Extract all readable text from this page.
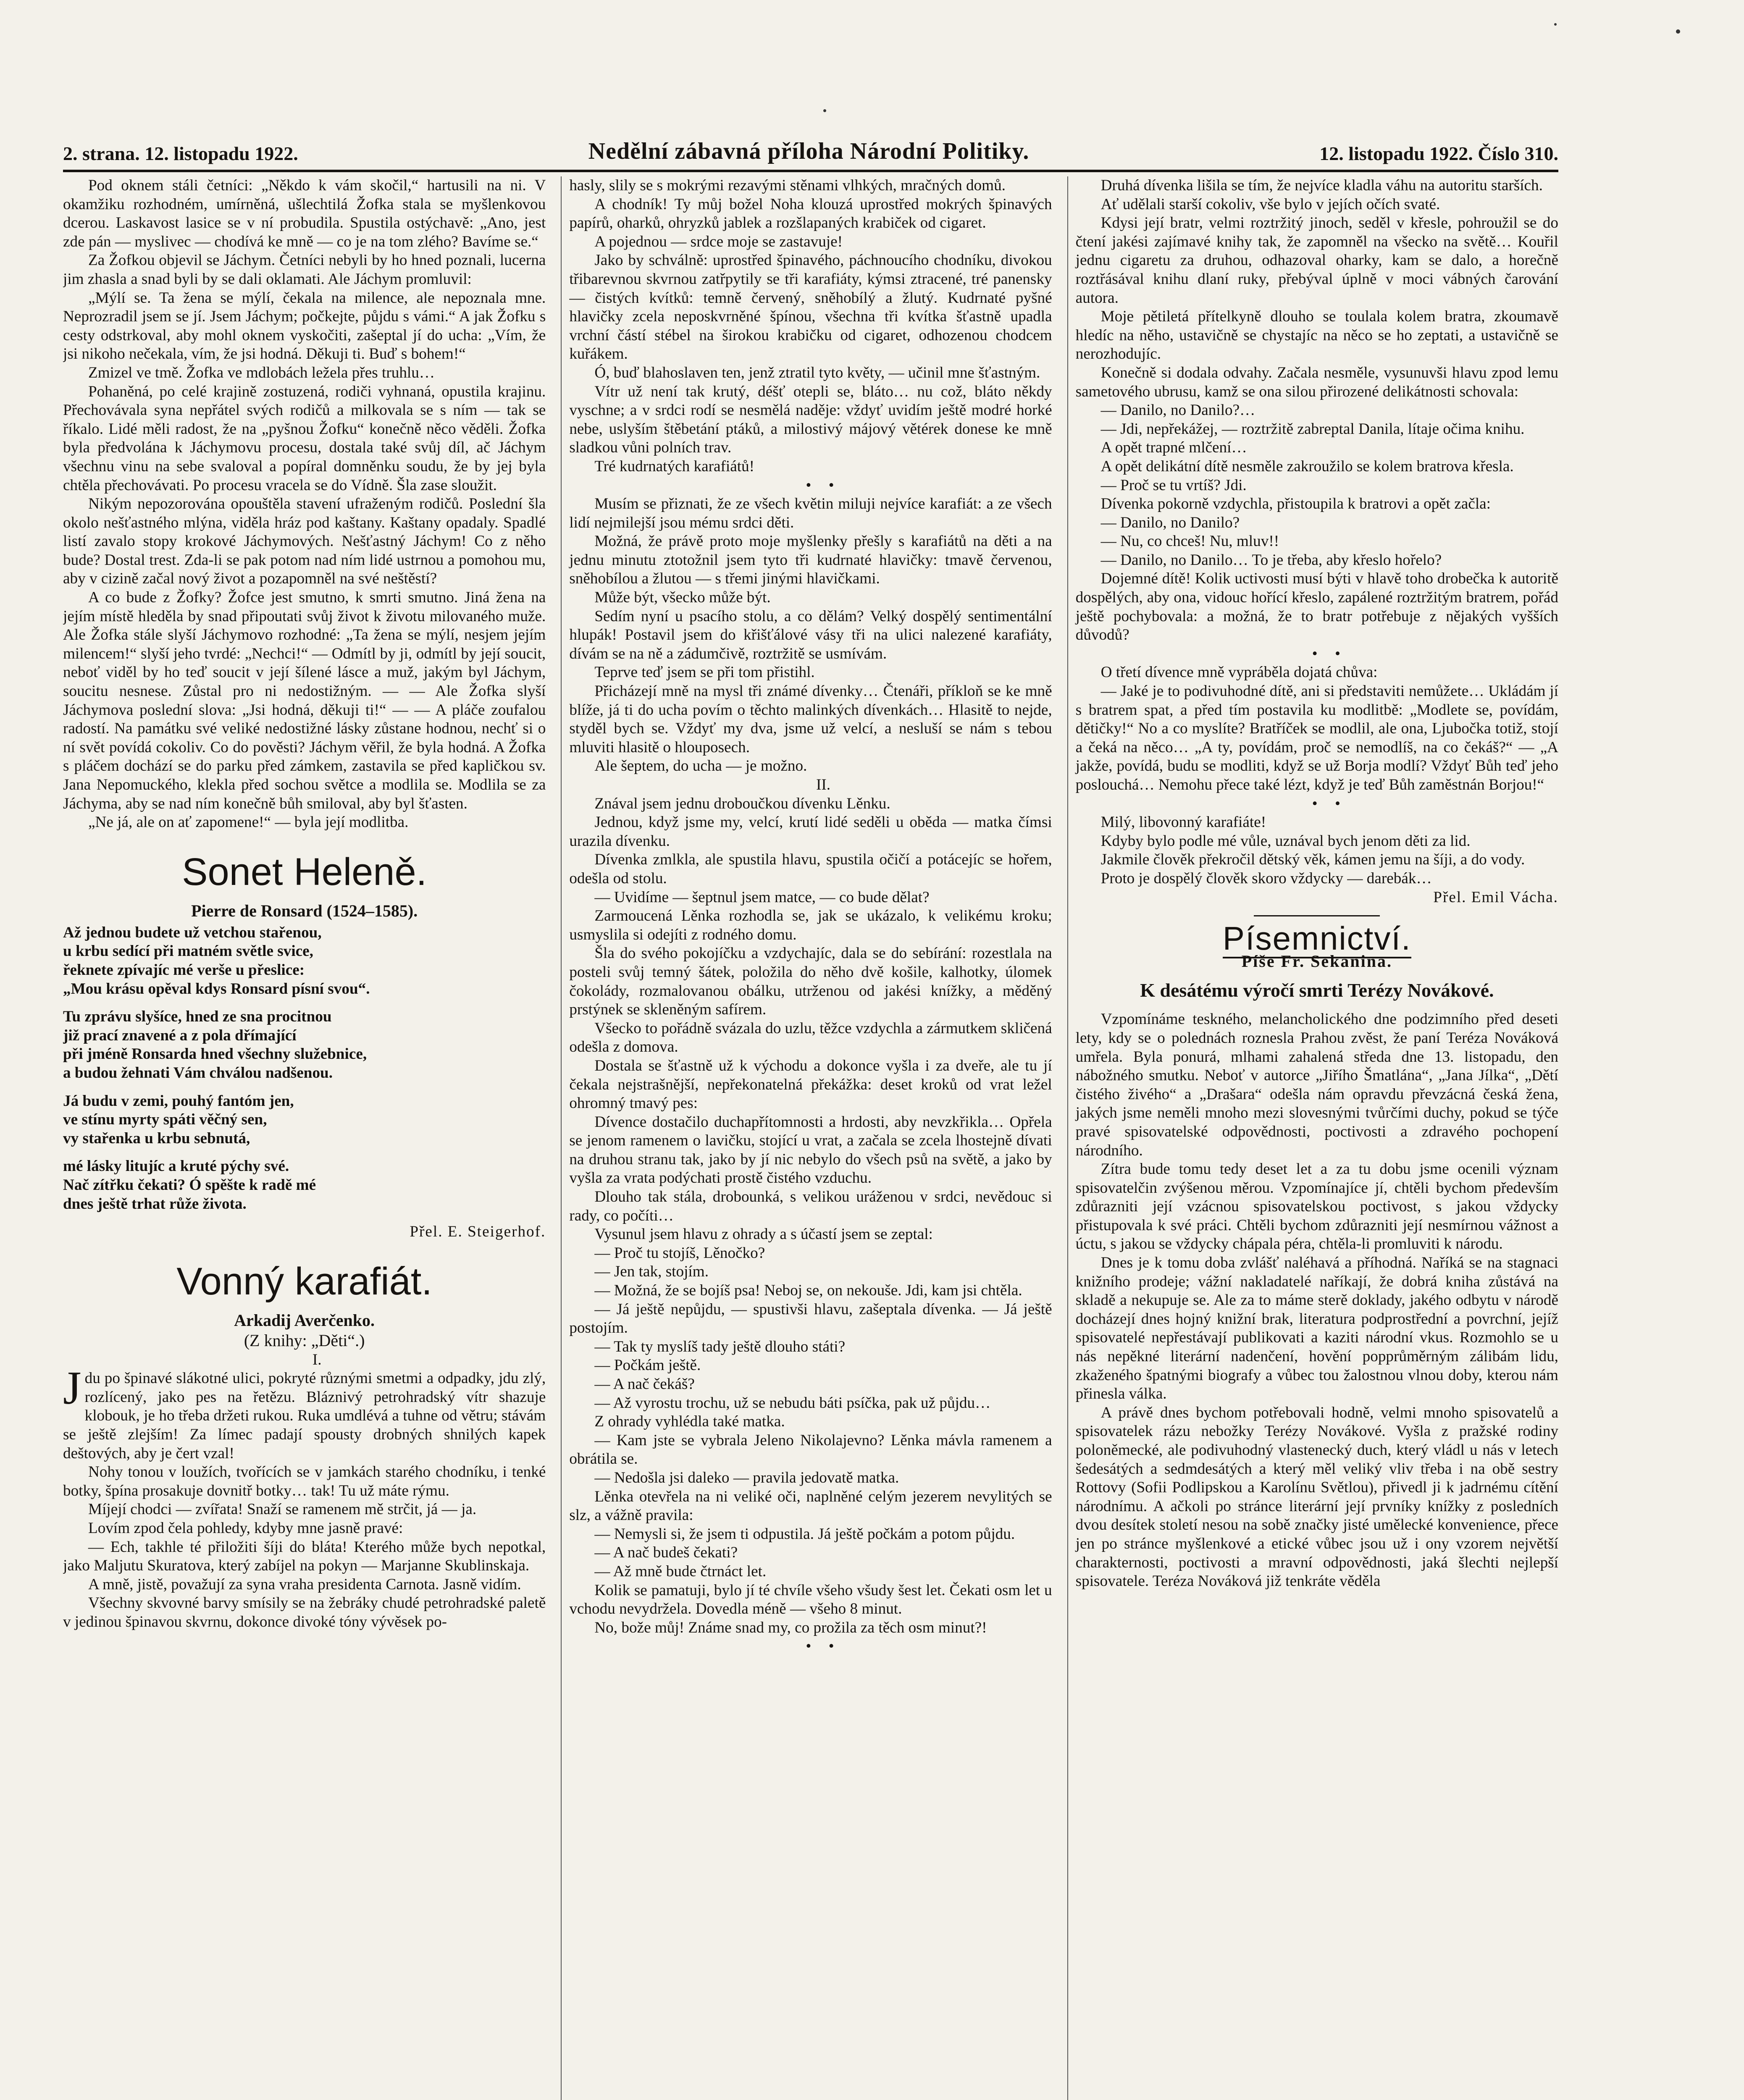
2. strana. 12. listopadu 1922.	Nedělní zábavná příloha Národní Politiky.	12. listopadu 1922. Číslo 310.

Pod oknem stáli četníci: „Někdo k vám skočil,“ hartusili na ni. V okamžiku rozhodném, umírněná, ušlechtilá Žofka stala se myšlenkovou dcerou. Laskavost lasice se v ní probudila. Spustila ostýchavě: „Ano, jest zde pán — myslivec — chodívá ke mně — co je na tom zlého? Bavíme se.“

Za Žofkou objevil se Jáchym. Četníci nebyli by ho hned poznali, lucerna jim zhasla a snad byli by se dali oklamati. Ale Jáchym promluvil:

„Mýlí se. Ta žena se mýlí, čekala na milence, ale nepoznala mne. Neprozradil jsem se jí. Jsem Jáchym; počkejte, půjdu s vámi.“ A jak Žofku s cesty odstrkoval, aby mohl oknem vyskočiti, zašeptal jí do ucha: „Vím, že jsi nikoho nečekala, vím, že jsi hodná. Děkuji ti. Buď s bohem!“

Zmizel ve tmě. Žofka ve mdlobách ležela přes truhlu…

Pohaněná, po celé krajině zostuzená, rodiči vyhnaná, opustila krajinu. Přechovávala syna nepřátel svých rodičů a milkovala se s ním — tak se říkalo. Lidé měli radost, že na „pyšnou Žofku“ konečně něco věděli. Žofka byla předvolána k Jáchymovu procesu, dostala také svůj díl, ač Jáchym všechnu vinu na sebe svaloval a popíral domněnku soudu, že by jej byla chtěla přechovávati. Po procesu vracela se do Vídně. Šla zase sloužit.

Nikým nepozorována opouštěla stavení ufraženým rodičů. Poslední šla okolo nešťastného mlýna, viděla hráz pod kaštany. Kaštany opadaly. Spadlé listí zavalo stopy krokové Jáchymových. Nešťastný Jáchym! Co z něho bude? Dostal trest. Zda-li se pak potom nad ním lidé ustrnou a pomohou mu, aby v cizině začal nový život a pozapomněl na své neštěstí?

A co bude z Žofky? Žofce jest smutno, k smrti smutno. Jiná žena na jejím místě hleděla by snad připoutati svůj život k životu milovaného muže. Ale Žofka stále slyší Jáchymovo rozhodné: „Ta žena se mýlí, nesjem jejím milencem!“ slyší jeho tvrdé: „Nechci!“ — Odmítl by ji, odmítl by její soucit, neboť viděl by ho teď soucit v její šílené lásce a muž, jakým byl Jáchym, soucitu nesnese. Zůstal pro ni nedostižným. — — Ale Žofka slyší Jáchymova poslední slova: „Jsi hodná, děkuji ti!“ — — A pláče zoufalou radostí. Na památku své veliké nedostižné lásky zůstane hodnou, nechť si o ní svět povídá cokoliv. Co do pověsti? Jáchym věřil, že byla hodná. A Žofka s pláčem dochází se do parku před zámkem, zastavila se před kapličkou sv. Jana Nepomuckého, klekla před sochou světce a modlila se. Modlila se za Jáchyma, aby se nad ním konečně bůh smiloval, aby byl šťasten.

„Ne já, ale on ať zapomene!“ — byla její modlitba.

Sonet Heleně.
Pierre de Ronsard (1524–1585).

Až jednou budete už vetchou stařenou,

u krbu sedící při matném světle svice,

řeknete zpívajíc mé verše u přeslice:

„Mou krásu opěval kdys Ronsard písní svou“.

Tu zprávu slyšíce, hned ze sna procitnou

již prací znavené a z pola dřímající

při jméně Ronsarda hned všechny služebnice,

a budou žehnati Vám chválou nadšenou.

Já budu v zemi, pouhý fantóm jen,

ve stínu myrty spáti věčný sen,

vy stařenka u krbu sebnutá,

mé lásky litujíc a kruté pýchy své.

Nač zítřku čekati? Ó spěšte k radě mé

dnes ještě trhat růže života.

Přel. E. Steigerhof.

Vonný karafiát.
Arkadij Averčenko.
(Z knihy: „Děti“.)

I.

Jdu po špinavé slákotné ulici, pokryté různými smetmi a odpadky, jdu zlý, rozlícený, jako pes na řetězu. Bláznivý petrohradský vítr shazuje klobouk, je ho třeba držeti rukou. Ruka umdlévá a tuhne od větru; stávám se ještě zlejším! Za límec padají spousty drobných shnilých kapek deštových, aby je čert vzal!

Nohy tonou v loužích, tvořících se v jamkách starého chodníku, i tenké botky, špína prosakuje dovnitř botky… tak! Tu už máte rýmu.

Míjejí chodci — zvířata! Snaží se ramenem mě strčit, já — ja.

Lovím zpod čela pohledy, kdyby mne jasně pravé:

— Ech, takhle té přiložiti šíji do bláta! Kterého může bych nepotkal, jako Maljutu Skuratova, který zabíjel na pokyn — Marjanne Skublinskaja.

A mně, jistě, považují za syna vraha presidenta Carnota. Jasně vidím.

Všechny skvovné barvy smísily se na žebráky chudé petrohradské paletě v jedinou špinavou skvrnu, dokonce divoké tóny vývěsek po-

hasly, slily se s mokrými rezavými stěnami vlhkých, mračných domů.

A chodník! Ty můj božel Noha klouzá uprostřed mokrých špinavých papírů, oharků, ohryzků jablek a rozšlapaných krabiček od cigaret.

A pojednou — srdce moje se zastavuje!

Jako by schválně: uprostřed špinavého, páchnoucího chodníku, divokou třibarevnou skvrnou zatřpytily se tři karafiáty, kýmsi ztracené, tré panensky — čistých kvítků: temně červený, sněhobílý a žlutý. Kudrnaté pyšné hlavičky zcela neposkvrněné špínou, všechna tři kvítka šťastně upadla vrchní částí stébel na širokou krabičku od cigaret, odhozenou chodcem kuřákem.

Ó, buď blahoslaven ten, jenž ztratil tyto květy, — učinil mne šťastným.

Vítr už není tak krutý, déšť otepli se, bláto… nu což, bláto někdy vyschne; a v srdci rodí se nesmělá naděje: vždyť uvidím ještě modré horké nebe, uslyším štěbetání ptáků, a milostivý májový větérek donese ke mně sladkou vůni polních trav.

Tré kudrnatých karafiátů!

• •

Musím se přiznati, že ze všech květin miluji nejvíce karafiát: a ze všech lidí nejmilejší jsou mému srdci děti.

Možná, že právě proto moje myšlenky přešly s karafiátů na děti a na jednu minutu ztotožnil jsem tyto tři kudrnaté hlavičky: tmavě červenou, sněhobílou a žlutou — s třemi jinými hlavičkami.

Může být, všecko může být.

Sedím nyní u psacího stolu, a co dělám? Velký dospělý sentimentální hlupák! Postavil jsem do křišťálové vásy tři na ulici nalezené karafiáty, dívám se na ně a zádumčivě, roztržitě se usmívám.

Teprve teď jsem se při tom přistihl.

Přicházejí mně na mysl tři známé dívenky… Čtenáři, příkloň se ke mně blíže, já ti do ucha povím o těchto malinkých dívenkách… Hlasitě to nejde, styděl bych se. Vždyť my dva, jsme už velcí, a nesluší se nám s tebou mluviti hlasitě o hlouposech.

Ale šeptem, do ucha — je možno.

II.

Znával jsem jednu droboučkou dívenku Lěnku.

Jednou, když jsme my, velcí, krutí lidé seděli u oběda — matka čímsi urazila dívenku.

Dívenka zmlkla, ale spustila hlavu, spustila očičí a potácejíc se hořem, odešla od stolu.

— Uvidíme — šeptnul jsem matce, — co bude dělat?

Zarmoucená Lěnka rozhodla se, jak se ukázalo, k velikému kroku; usmyslila si odejíti z rodného domu.

Šla do svého pokojíčku a vzdychajíc, dala se do sebírání: rozestlala na posteli svůj temný šátek, položila do něho dvě košile, kalhotky, úlomek čokolády, rozmalovanou obálku, utrženou od jakési knížky, a měděný prstýnek se skleněným safírem.

Všecko to pořádně svázala do uzlu, těžce vzdychla a zármutkem skličená odešla z domova.

Dostala se šťastně už k východu a dokonce vyšla i za dveře, ale tu jí čekala nejstrašnější, nepřekonatelná překážka: deset kroků od vrat ležel ohromný tmavý pes:

Dívence dostačilo duchapřítomnosti a hrdosti, aby nevzkřikla… Opřela se jenom ramenem o lavičku, stojící u vrat, a začala se zcela lhostejně dívati na druhou stranu tak, jako by jí nic nebylo do všech psů na světě, a jako by vyšla za vrata podýchati prostě čistého vzduchu.

Dlouho tak stála, drobounká, s velikou uráženou v srdci, nevědouc si rady, co počíti…

Vysunul jsem hlavu z ohrady a s účastí jsem se zeptal:

— Proč tu stojíš, Lěnočko?

— Jen tak, stojím.

— Možná, že se bojíš psa! Neboj se, on nekouše. Jdi, kam jsi chtěla.

— Já ještě nepůjdu, — spustivši hlavu, zašeptala dívenka. — Já ještě postojím.

— Tak ty myslíš tady ještě dlouho státi?

— Počkám ještě.

— A nač čekáš?

— Až vyrostu trochu, už se nebudu báti psíčka, pak už půjdu…

Z ohrady vyhlédla také matka.

— Kam jste se vybrala Jeleno Nikolajevno? Lěnka mávla ramenem a obrátila se.

— Nedošla jsi daleko — pravila jedovatě matka.

Lěnka otevřela na ni veliké oči, naplněné celým jezerem nevylitých se slz, a vážně pravila:

— Nemysli si, že jsem ti odpustila. Já ještě počkám a potom půjdu.

— A nač budeš čekati?

— Až mně bude čtrnáct let.

Kolik se pamatuji, bylo jí té chvíle všeho všudy šest let. Čekati osm let u vchodu nevydržela. Dovedla méně — všeho 8 minut.

No, bože můj! Známe snad my, co prožila za těch osm minut?!

• •

Druhá dívenka lišila se tím, že nejvíce kladla váhu na autoritu starších.

Ať udělali starší cokoliv, vše bylo v jejích očích svaté.

Kdysi její bratr, velmi roztržitý jinoch, seděl v křesle, pohroužil se do čtení jakési zajímavé knihy tak, že zapomněl na všecko na světě… Kouřil jednu cigaretu za druhou, odhazoval oharky, kam se dalo, a horečně roztřásával knihu dlaní ruky, přebýval úplně v moci vábných čarování autora.

Moje pětiletá přítelkyně dlouho se toulala kolem bratra, zkoumavě hledíc na něho, ustavičně se chystajíc na něco se ho zeptati, a ustavičně se nerozhodujíc.

Konečně si dodala odvahy. Začala nesměle, vysunuvši hlavu zpod lemu sametového ubrusu, kamž se ona silou přirozené delikátnosti schovala:

— Danilo, no Danilo?…

— Jdi, nepřekážej, — roztržitě zabreptal Danila, lítaje očima knihu.

A opět trapné mlčení…

A opět delikátní dítě nesměle zakroužilo se kolem bratrova křesla.

— Proč se tu vrtíš? Jdi.

Dívenka pokorně vzdychla, přistoupila k bratrovi a opět začla:

— Danilo, no Danilo?

— Nu, co chceš! Nu, mluv!!

— Danilo, no Danilo… To je třeba, aby křeslo hořelo?

Dojemné dítě! Kolik uctivosti musí býti v hlavě toho drobečka k autoritě dospělých, aby ona, vidouc hořící křeslo, zapálené roztržitým bratrem, pořád ještě pochybovala: a možná, že to bratr potřebuje z nějakých vyšších důvodů?

• •

O třetí dívence mně vypráběla dojatá chůva:

— Jaké je to podivuhodné dítě, ani si představiti nemůžete… Ukládám jí s bratrem spat, a před tím postavila ku modlitbě: „Modlete se, povídám, dětičky!“ No a co myslíte? Bratříček se modlil, ale ona, Ljubočka totiž, stojí a čeká na něco… „A ty, povídám, proč se nemodlíš, na co čekáš?“ — „A jakže, povídá, budu se modliti, když se už Borja modlí? Vždyť Bůh teď jeho poslouchá… Nemohu přece také lézt, když je teď Bůh zaměstnán Borjou!“

• •

Milý, libovonný karafiáte!

Kdyby bylo podle mé vůle, uznával bych jenom děti za lid.

Jakmile člověk překročil dětský věk, kámen jemu na šíji, a do vody.

Proto je dospělý člověk skoro vždycky — darebák…

Přel. Emil Vácha.

Písemnictví.
Píše Fr. Sekanina.
K desátému výročí smrti Terézy Novákové.

Vzpomínáme teskného, melancholického dne podzimního před deseti lety, kdy se o polednách roznesla Prahou zvěst, že paní Teréza Nováková umřela. Byla ponurá, mlhami zahalená středa dne 13. listopadu, den nábožného smutku. Neboť v autorce „Jiřího Šmatlána“, „Jana Jílka“, „Dětí čistého živého“ a „Drašara“ odešla nám opravdu převzácná česká žena, jakých jsme neměli mnoho mezi slovesnými tvůrčími duchy, pokud se týče pravé spisovatelské odpovědnosti, poctivosti a zdravého pochopení národního.

Zítra bude tomu tedy deset let a za tu dobu jsme ocenili význam spisovatelčin zvýšenou měrou. Vzpomínajíce jí, chtěli bychom především zdůrazniti její vzácnou spisovatelskou poctivost, s jakou vždycky přistupovala k své práci. Chtěli bychom zdůrazniti její nesmírnou vážnost a úctu, s jakou se vždycky chápala péra, chtěla-li promluviti k národu.

Dnes je k tomu doba zvlášť naléhavá a příhodná. Naříká se na stagnaci knižního prodeje; vážní nakladatelé naříkají, že dobrá kniha zůstává na skladě a nekupuje se. Ale za to máme sterě doklady, jakého odbytu v národě docházejí dnes hojný knižní brak, literatura podprostřední a povrchní, jejíž spisovatelé nepřestávají publikovati a kaziti národní vkus. Rozmohlo se u nás nepěkné literární nadenčení, hovění popprůměrným zálibám lidu, zkaženého špatnými biografy a vůbec tou žalostnou vlnou doby, kterou nám přinesla válka.

A právě dnes bychom potřebovali hodně, velmi mnoho spisovatelů a spisovatelek rázu nebožky Terézy Novákové. Vyšla z pražské rodiny poloněmecké, ale podivuhodný vlastenecký duch, který vládl u nás v letech šedesátých a sedmdesátých a který měl veliký vliv třeba i na obě sestry Rottovy (Sofii Podlipskou a Karolínu Světlou), přivedl ji k jadrnému cítění národnímu. A ačkoli po stránce literární její prvníky knížky z posledních dvou desítek století nesou na sobě značky jisté umělecké konvenience, přece jen po stránce myšlenkové a etické vůbec jsou už i ony vzorem největší charakternosti, poctivosti a mravní odpovědnosti, jaká šlechti nejlepší spisovatele. Teréza Nováková již tenkráte věděla
